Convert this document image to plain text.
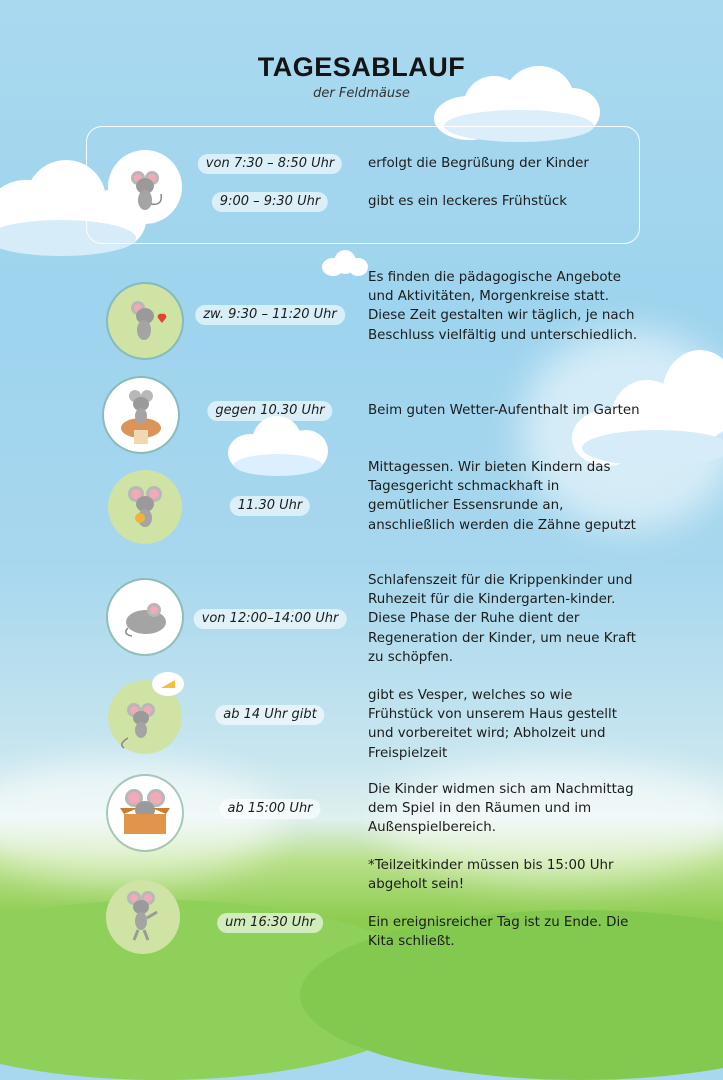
TAGESABLAUF
der Feldmäuse
von 7:30 – 8:50 Uhr
9:00 – 9:30 Uhr
zw. 9:30 – 11:20 Uhr
gegen 10.30 Uhr
11.30 Uhr
von 12:00–14:00 Uhr
ab 14 Uhr gibt
ab 15:00 Uhr
um 16:30 Uhr
erfolgt die Begrüßung der Kinder
gibt es ein leckeres Frühstück
Es finden die pädagogische Angebote und Aktivitäten, Morgenkreise statt. Diese Zeit gestalten wir täglich, je nach Beschluss vielfältig und unterschiedlich.
Beim guten Wetter-Aufenthalt im Garten
Mittagessen. Wir bieten Kindern das Tagesgericht schmackhaft in gemütlicher Essensrunde an, anschließlich werden die Zähne geputzt
Schlafenszeit für die Krippenkinder und Ruhezeit für die Kindergarten-kinder. Diese Phase der Ruhe dient der Regeneration der Kinder, um neue Kraft zu schöpfen.
gibt es Vesper, welches so wie Frühstück von unserem Haus gestellt und vorbereitet wird; Abholzeit und Freispielzeit
Die Kinder widmen sich am Nachmittag dem Spiel in den Räumen und im Außenspielbereich.
*Teilzeitkinder müssen bis 15:00 Uhr abgeholt sein!
Ein ereignisreicher Tag ist zu Ende. Die Kita schließt.
